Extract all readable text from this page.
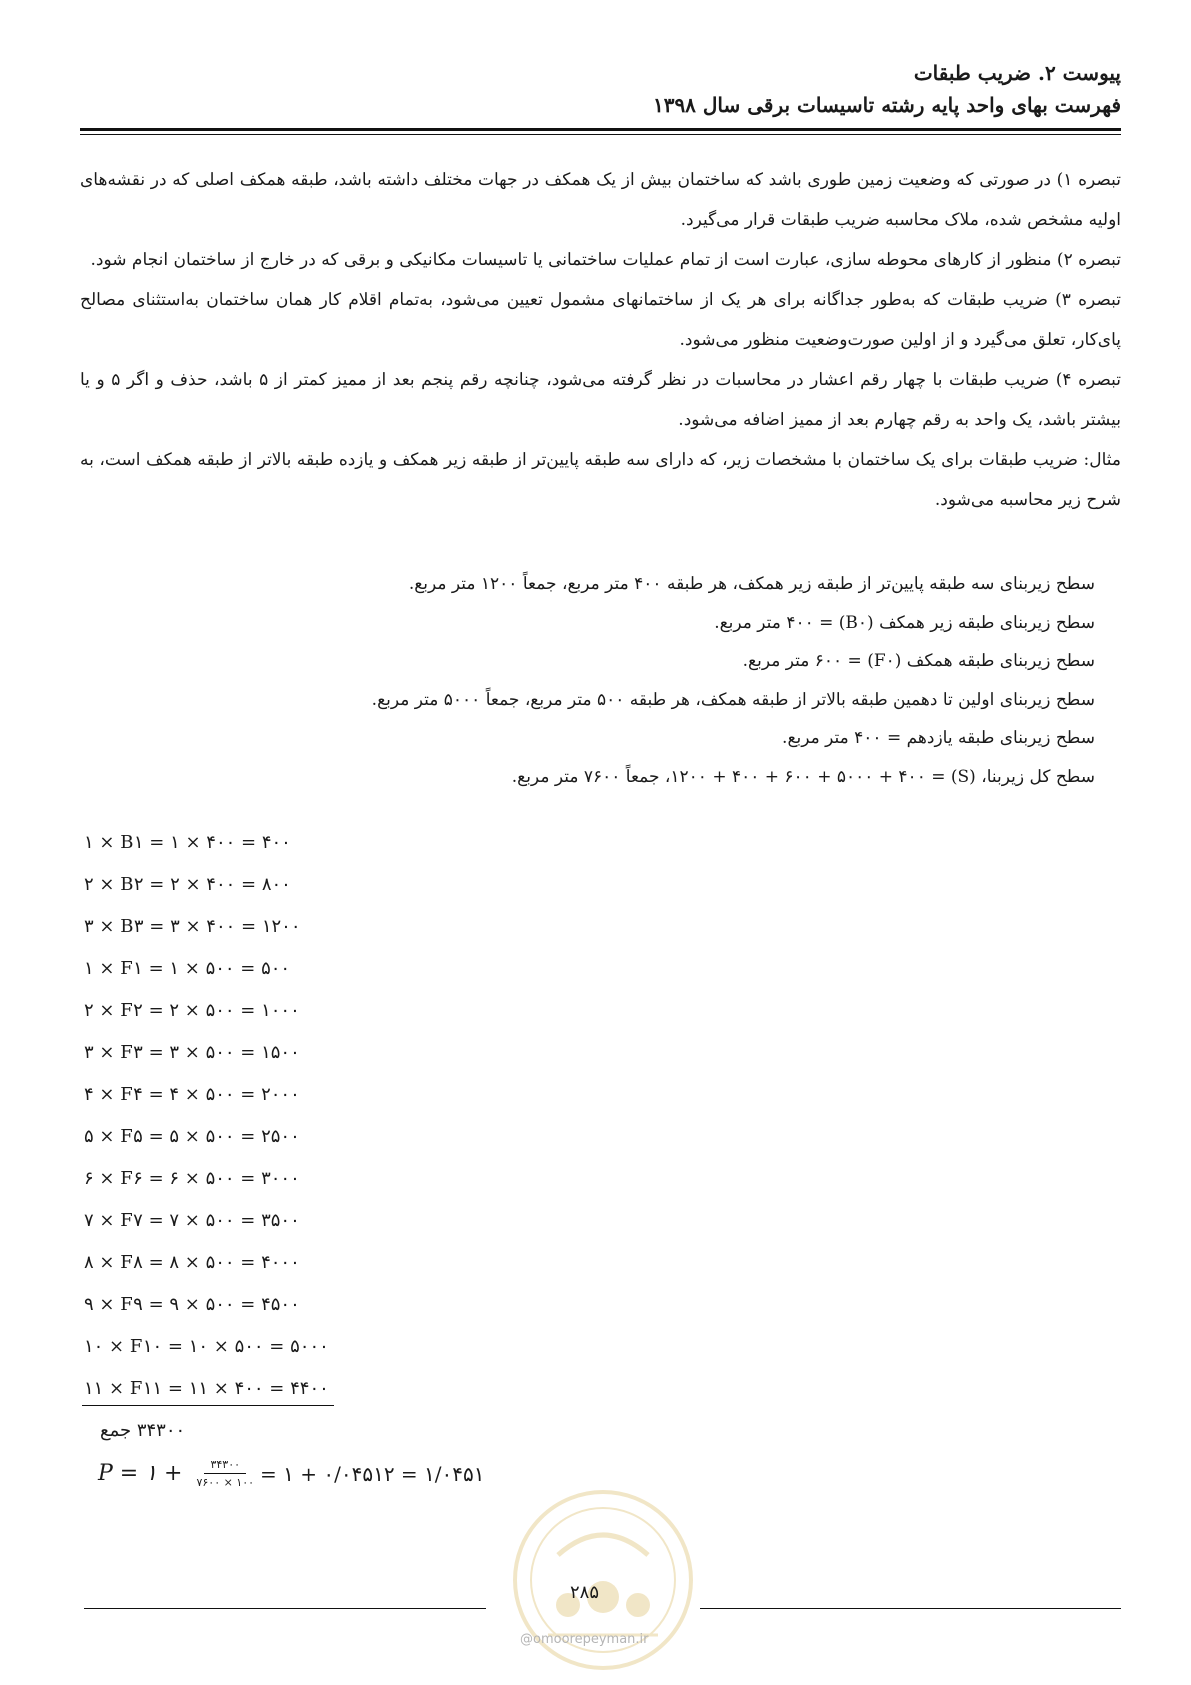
پیوست ۲. ضریب طبقات
فهرست بهای واحد پایه رشته تاسیسات برقی سال ۱۳۹۸

تبصره ۱) در صورتی که وضعیت زمین طوری باشد که ساختمان بیش از یک همکف در جهات مختلف داشته باشد، طبقه همکف اصلی که در نقشه‌های اولیه مشخص شده، ملاک محاسبه ضریب طبقات قرار می‌گیرد.

تبصره ۲) منظور از کارهای محوطه سازی، عبارت است از تمام عملیات ساختمانی یا تاسیسات مکانیکی و برقی که در خارج از ساختمان انجام شود.

تبصره ۳) ضریب طبقات که به‌طور جداگانه برای هر یک از ساختمانهای مشمول تعیین می‌شود، به‌تمام اقلام کار همان ساختمان به‌استثنای مصالح پای‌کار، تعلق می‌گیرد و از اولین صورت‌وضعیت منظور می‌شود.

تبصره ۴) ضریب طبقات با چهار رقم اعشار در محاسبات در نظر گرفته می‌شود، چنانچه رقم پنجم بعد از ممیز کمتر از ۵ باشد، حذف و اگر ۵ و یا بیشتر باشد، یک واحد به رقم چهارم بعد از ممیز اضافه می‌شود.

مثال: ضریب طبقات برای یک ساختمان با مشخصات زیر، که دارای سه طبقه پایین‌تر از طبقه زیر همکف و یازده طبقه بالاتر از طبقه همکف است، به شرح زیر محاسبه می‌شود.

سطح زیربنای سه طبقه پایین‌تر از طبقه زیر همکف، هر طبقه ۴۰۰ متر مربع، جمعاً ۱۲۰۰ متر مربع.
سطح زیربنای طبقه زیر همکف (B۰) = ۴۰۰ متر مربع.
سطح زیربنای طبقه همکف (F۰) = ۶۰۰ متر مربع.
سطح زیربنای اولین تا دهمین طبقه بالاتر از طبقه همکف، هر طبقه ۵۰۰ متر مربع، جمعاً ۵۰۰۰ متر مربع.
سطح زیربنای طبقه یازدهم = ۴۰۰ متر مربع.
سطح کل زیربنا، (S) = ۱۲۰۰ + ۴۰۰ + ۶۰۰ + ۵۰۰۰ + ۴۰۰، جمعاً ۷۶۰۰ متر مربع.
۱ × B۱ = ۱ × ۴۰۰ = ۴۰۰
۲ × B۲ = ۲ × ۴۰۰ = ۸۰۰
۳ × B۳ = ۳ × ۴۰۰ = ۱۲۰۰
۱ × F۱ = ۱ × ۵۰۰ = ۵۰۰
۲ × F۲ = ۲ × ۵۰۰ = ۱۰۰۰
۳ × F۳ = ۳ × ۵۰۰ = ۱۵۰۰
۴ × F۴ = ۴ × ۵۰۰ = ۲۰۰۰
۵ × F۵ = ۵ × ۵۰۰ = ۲۵۰۰
۶ × F۶ = ۶ × ۵۰۰ = ۳۰۰۰
۷ × F۷ = ۷ × ۵۰۰ = ۳۵۰۰
۸ × F۸ = ۸ × ۵۰۰ = ۴۰۰۰
۹ × F۹ = ۹ × ۵۰۰ = ۴۵۰۰
۱۰ × F۱۰ = ۱۰ × ۵۰۰ = ۵۰۰۰
۱۱ × F۱۱ = ۱۱ × ۴۰۰ = ۴۴۰۰
۳۴۳۰۰ جمع
P = ۱ + $\frac{۳۴۳۰۰}{۷۶۰۰ \times ۱۰۰}$ = ۱ + ۰/۰۴۵۱۲ = ۱/۰۴۵۱
۲۸۵
@omoorepeyman.ir
